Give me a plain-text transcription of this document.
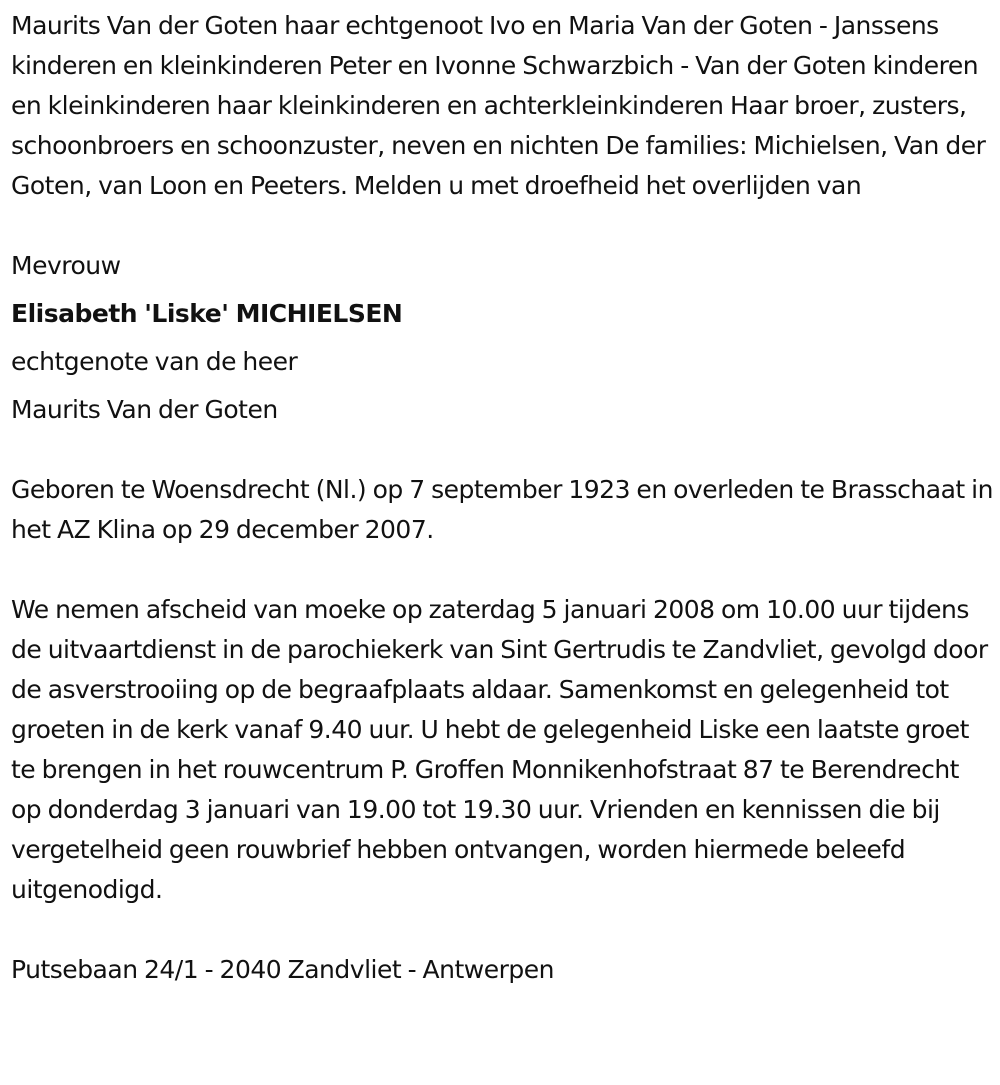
Maurits Van der Goten haar echtgenoot Ivo en Maria Van der Goten - Janssens kinderen en kleinkinderen Peter en Ivonne Schwarzbich - Van der Goten kinderen en kleinkinderen haar kleinkinderen en achterkleinkinderen Haar broer, zusters, schoonbroers en schoonzuster, neven en nichten De families: Michielsen, Van der Goten, van Loon en Peeters. Melden u met droefheid het overlijden van

Mevrouw
Elisabeth 'Liske' MICHIELSEN
echtgenote van de heer
Maurits Van der Goten

Geboren te Woensdrecht (Nl.) op 7 september 1923 en overleden te Brasschaat in het AZ Klina op 29 december 2007.

We nemen afscheid van moeke op zaterdag 5 januari 2008 om 10.00 uur tijdens de uitvaartdienst in de parochiekerk van Sint Gertrudis te Zandvliet, gevolgd door de asverstrooiing op de begraafplaats aldaar. Samenkomst en gelegenheid tot groeten in de kerk vanaf 9.40 uur. U hebt de gelegenheid Liske een laatste groet te brengen in het rouwcentrum P. Groffen Monnikenhofstraat 87 te Berendrecht op donderdag 3 januari van 19.00 tot 19.30 uur. Vrienden en kennissen die bij vergetelheid geen rouwbrief hebben ontvangen, worden hiermede beleefd uitgenodigd.

Putsebaan 24/1 - 2040 Zandvliet - Antwerpen
